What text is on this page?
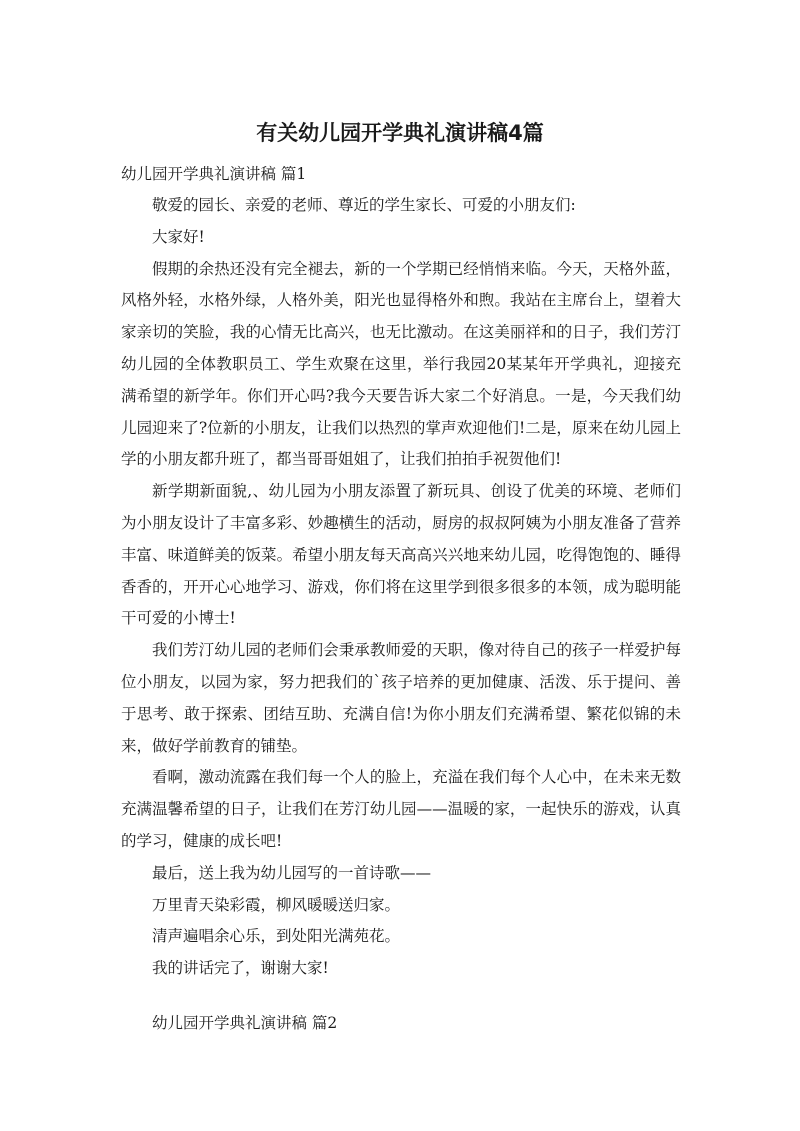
有关幼儿园开学典礼演讲稿4篇

幼儿园开学典礼演讲稿 篇1

敬爱的园长、亲爱的老师、尊近的学生家长、可爱的小朋友们:

大家好!

假期的余热还没有完全褪去，新的一个学期已经悄悄来临。今天，天格外蓝，风格外轻，水格外绿，人格外美，阳光也显得格外和煦。我站在主席台上，望着大家亲切的笑脸，我的心情无比高兴，也无比激动。在这美丽祥和的日子，我们芳汀幼儿园的全体教职员工、学生欢聚在这里，举行我园20某某年开学典礼，迎接充满希望的新学年。你们开心吗?我今天要告诉大家二个好消息。一是，今天我们幼儿园迎来了?位新的小朋友，让我们以热烈的掌声欢迎他们!二是，原来在幼儿园上学的小朋友都升班了，都当哥哥姐姐了，让我们拍拍手祝贺他们!

新学期新面貌,、幼儿园为小朋友添置了新玩具、创设了优美的环境、老师们为小朋友设计了丰富多彩、妙趣横生的活动，厨房的叔叔阿姨为小朋友准备了营养丰富、味道鲜美的饭菜。希望小朋友每天高高兴兴地来幼儿园，吃得饱饱的、睡得香香的，开开心心地学习、游戏，你们将在这里学到很多很多的本领，成为聪明能干可爱的小博士!

我们芳汀幼儿园的老师们会秉承教师爱的天职，像对待自己的孩子一样爱护每位小朋友，以园为家，努力把我们的`孩子培养的更加健康、活泼、乐于提问、善于思考、敢于探索、团结互助、充满自信!为你小朋友们充满希望、繁花似锦的未来，做好学前教育的铺垫。

看啊，激动流露在我们每一个人的脸上，充溢在我们每个人心中，在未来无数充满温馨希望的日子，让我们在芳汀幼儿园——温暖的家，一起快乐的游戏，认真的学习，健康的成长吧!

最后，送上我为幼儿园写的一首诗歌——

万里青天染彩霞，柳风暖暖送归家。

清声遍唱余心乐，到处阳光满苑花。

我的讲话完了，谢谢大家!

幼儿园开学典礼演讲稿 篇2
